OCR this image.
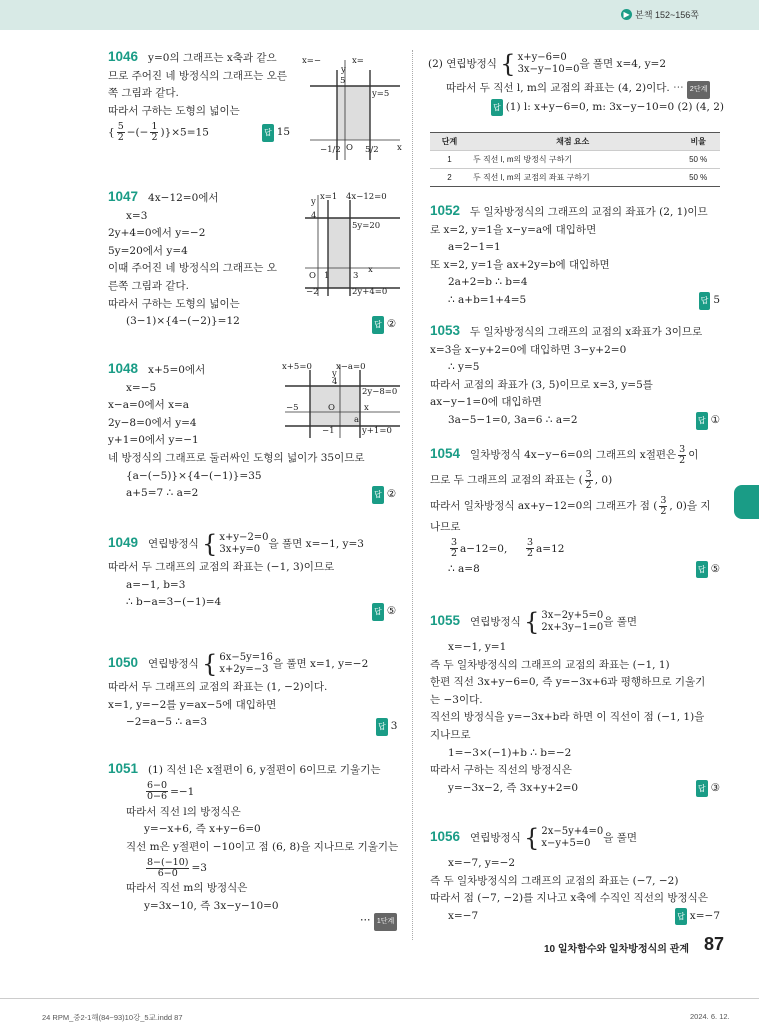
▶ 본책 152~156쪽
1046 y=0의 그래프는 x축과 같으
므로 주어진 네 방정식의 그래프는 오른
쪽 그림과 같다.
따라서 구하는 도형의 넓이는
{ $\frac{5}{2}$ −(− $\frac{1}{2} )\}\times 5=15$	답 15
x=−	x=
y=5
y
x
5
O
−1/2	5/2
1047 4x−12=0에서
x=3
2y+4=0에서 y=−2
5y=20에서 y=4
이때 주어진 네 방정식의 그래프는 오
른쪽 그림과 같다.
따라서 구하는 도형의 넓이는
(3−1)×{4−(−2)}=12	답 ②
x=1 4x−12=0
5y=20
2y+4=0
y
x
4
O 1	3
−2
1048 x+5=0에서
x=−5
x−a=0에서 x=a
2y−8=0에서 y=4
y+1=0에서 y=−1
네 방정식의 그래프로 둘러싸인 도형의 넓이가 35이므로
{a−(−5)}×{4−(−1)}=35
a+5=7 ∴ a=2	답 ②
x+5=0	x−a=0
2y−8=0
y+1=0
y
x
4
O
−5
−1
a
1049 연립방정식 { x+y−2=0
3x+y=0 을 풀면 x=−1, y=3
따라서 두 그래프의 교점의 좌표는 (−1, 3)이므로
a=−1, b=3
∴ b−a=3−(−1)=4
답 ⑤
1050 연립방정식 { 6x−5y=16
x+2y=−3 을 풀면 x=1, y=−2
따라서 두 그래프의 교점의 좌표는 (1, −2)이다.
x=1, y=−2를 y=ax−5에 대입하면
−2=a−5 ∴ a=3	답 3
1051 (1) 직선 l은 x절편이 6, y절편이 6이므로 기울기는
$\frac{6-0}{0-6} =-1$
따라서 직선 l의 방정식은
y=−x+6, 즉 x+y−6=0
직선 m은 y절편이 −10이고 점 (6, 8)을 지나므로 기울기는
$\frac{8-(-10)}{6-0} =3$
따라서 직선 m의 방정식은
y=3x−10, 즉 3x−y−10=0
⋯ 1단계
(2) 연립방정식 { x+y−6=0
3x−y−10=0 을 풀면 x=4, y=2
따라서 두 직선 l, m의 교점의 좌표는 (4, 2)이다. ⋯ 2단계
답 (1) l: x+y−6=0, m: 3x−y−10=0 (2) (4, 2)
단계	채점 요소	비율
1	두 직선 l, m의 방정식 구하기	50 %
2	두 직선 l, m의 교점의 좌표 구하기	50 %
1052 두 일차방정식의 그래프의 교점의 좌표가 (2, 1)이므
로 x=2, y=1을 x−y=a에 대입하면
a=2−1=1
또 x=2, y=1을 ax+2y=b에 대입하면
2a+2=b ∴ b=4
∴ a+b=1+4=5	답 5
1053 두 일차방정식의 그래프의 교점의 x좌표가 3이므로
x=3을 x−y+2=0에 대입하면 3−y+2=0
∴ y=5
따라서 교점의 좌표가 (3, 5)이므로 x=3, y=5를
ax−y−1=0에 대입하면
3a−5−1=0, 3a=6 ∴ a=2	답 ①
1054 일차방정식 4x−y−6=0의 그래프의 x절편은 $\frac{3}{2}$ 이
므로 두 그래프의 교점의 좌표는 ( $\frac{3}{2}$ , 0)
따라서 일차방정식 ax+y−12=0의 그래프가 점 ( $\frac{3}{2}$ , 0)을 지
나므로
$\frac{3}{2} a-12=0$, $\frac{3}{2} a=12$
∴ a=8	답 ⑤
1055 연립방정식 { 3x−2y+5=0
2x+3y−1=0 을 풀면
x=−1, y=1
즉 두 일차방정식의 그래프의 교점의 좌표는 (−1, 1)
한편 직선 3x+y−6=0, 즉 y=−3x+6과 평행하므로 기울기
는 −3이다.
직선의 방정식을 y=−3x+b라 하면 이 직선이 점 (−1, 1)을
지나므로
1=−3×(−1)+b ∴ b=−2
따라서 구하는 직선의 방정식은
y=−3x−2, 즉 3x+y+2=0	답 ③
1056 연립방정식 { 2x−5y+4=0
x−y+5=0	을 풀면
x=−7, y=−2
즉 두 일차방정식의 그래프의 교점의 좌표는 (−7, −2)
따라서 점 (−7, −2)를 지나고 x축에 수직인 직선의 방정식은
x=−7	답 x=−7
10 일차함수와 일차방정식의 관계 87
24 RPM_중2-1해(84~93)10강_5교.indd 87	2024. 6. 12.
